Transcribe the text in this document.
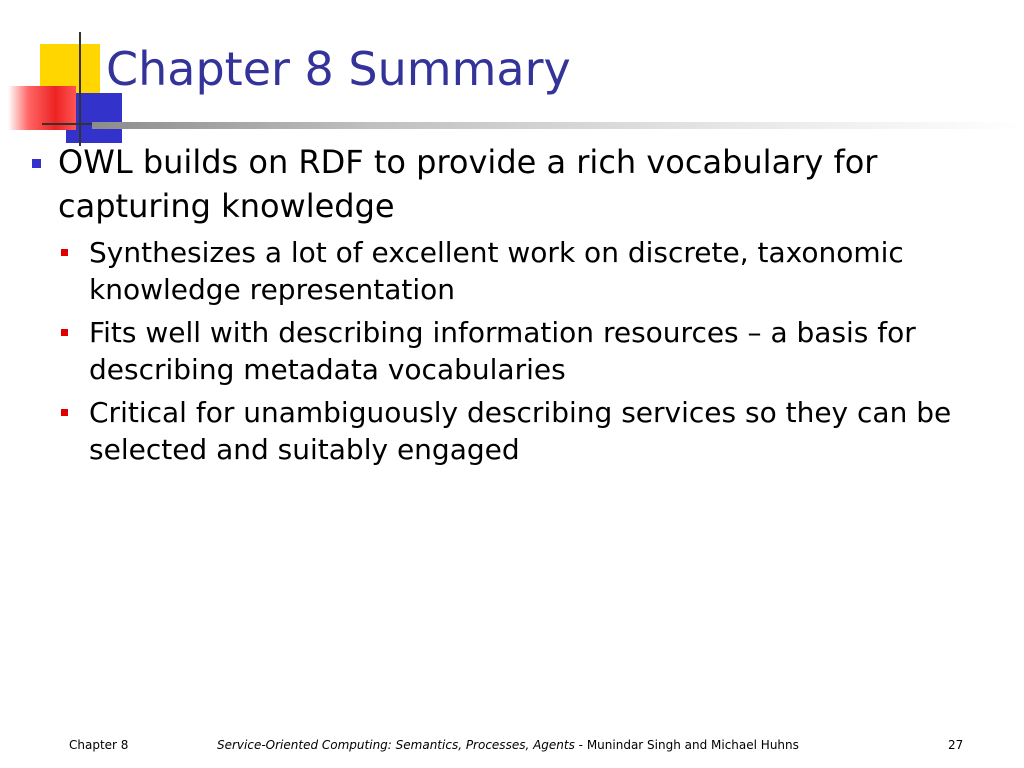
Chapter 8 Summary
OWL builds on RDF to provide a rich vocabulary for capturing knowledge
Synthesizes a lot of excellent work on discrete, taxonomic knowledge representation
Fits well with describing information resources – a basis for describing metadata vocabularies
Critical for unambiguously describing services so they can be selected and suitably engaged
Chapter 8	Service-Oriented Computing: Semantics, Processes, Agents - Munindar Singh and Michael Huhns	27
